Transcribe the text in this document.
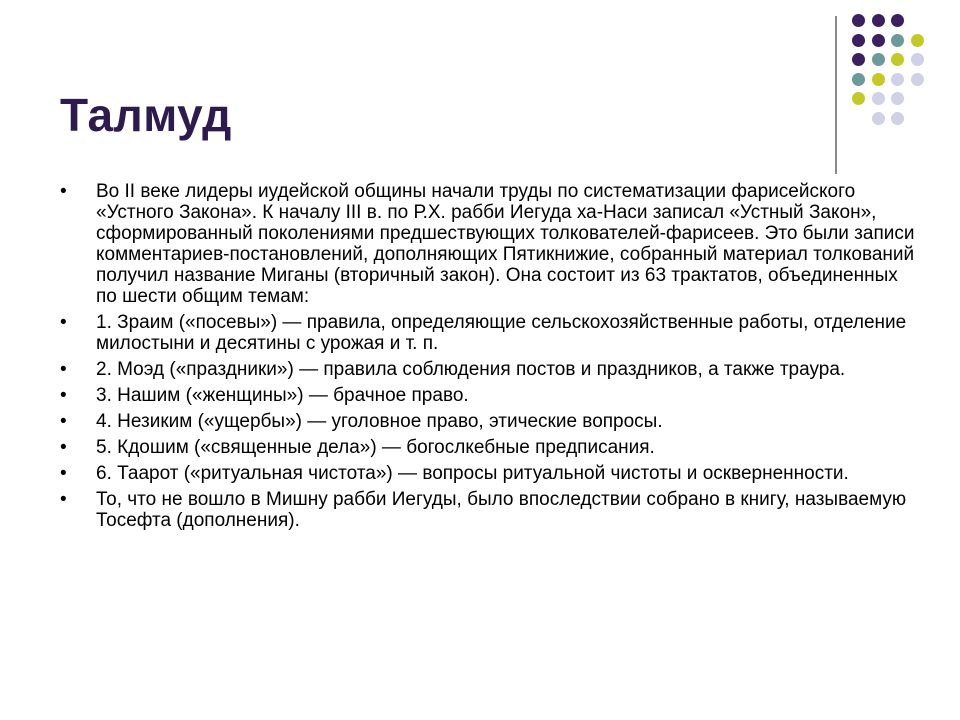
Талмуд
• Во II веке лидеры иудейской общины начали труды по систематизации фарисейского «Устного Закона». К началу III в. по Р.Х. рабби Иегуда ха-Наси записал «Устный Закон», сформированный поколениями предшествующих толкователей-фарисеев. Это были записи комментариев-постановлений, дополняющих Пятикнижие, собранный материал толкований получил название Миганы (вторичный закон). Она состоит из 63 трактатов, объединенных по шести общим темам:
• 1. Зраим («посевы») — правила, определяющие сельскохозяйственные работы, отделение милостыни и десятины с урожая и т. п.
• 2. Моэд («праздники») — правила соблюдения постов и праздников, а также траура.
• 3. Нашим («женщины») — брачное право.
• 4. Незиким («ущербы») — уголовное право, этические вопросы.
• 5. Кдошим («священные дела») — богослкебные предписания.
• 6. Таарот («ритуальная чистота») — вопросы ритуальной чистоты и оскверненности.
• То, что не вошло в Мишну рабби Иегуды, было впоследствии собрано в книгу, называемую Тосефта (дополнения).
